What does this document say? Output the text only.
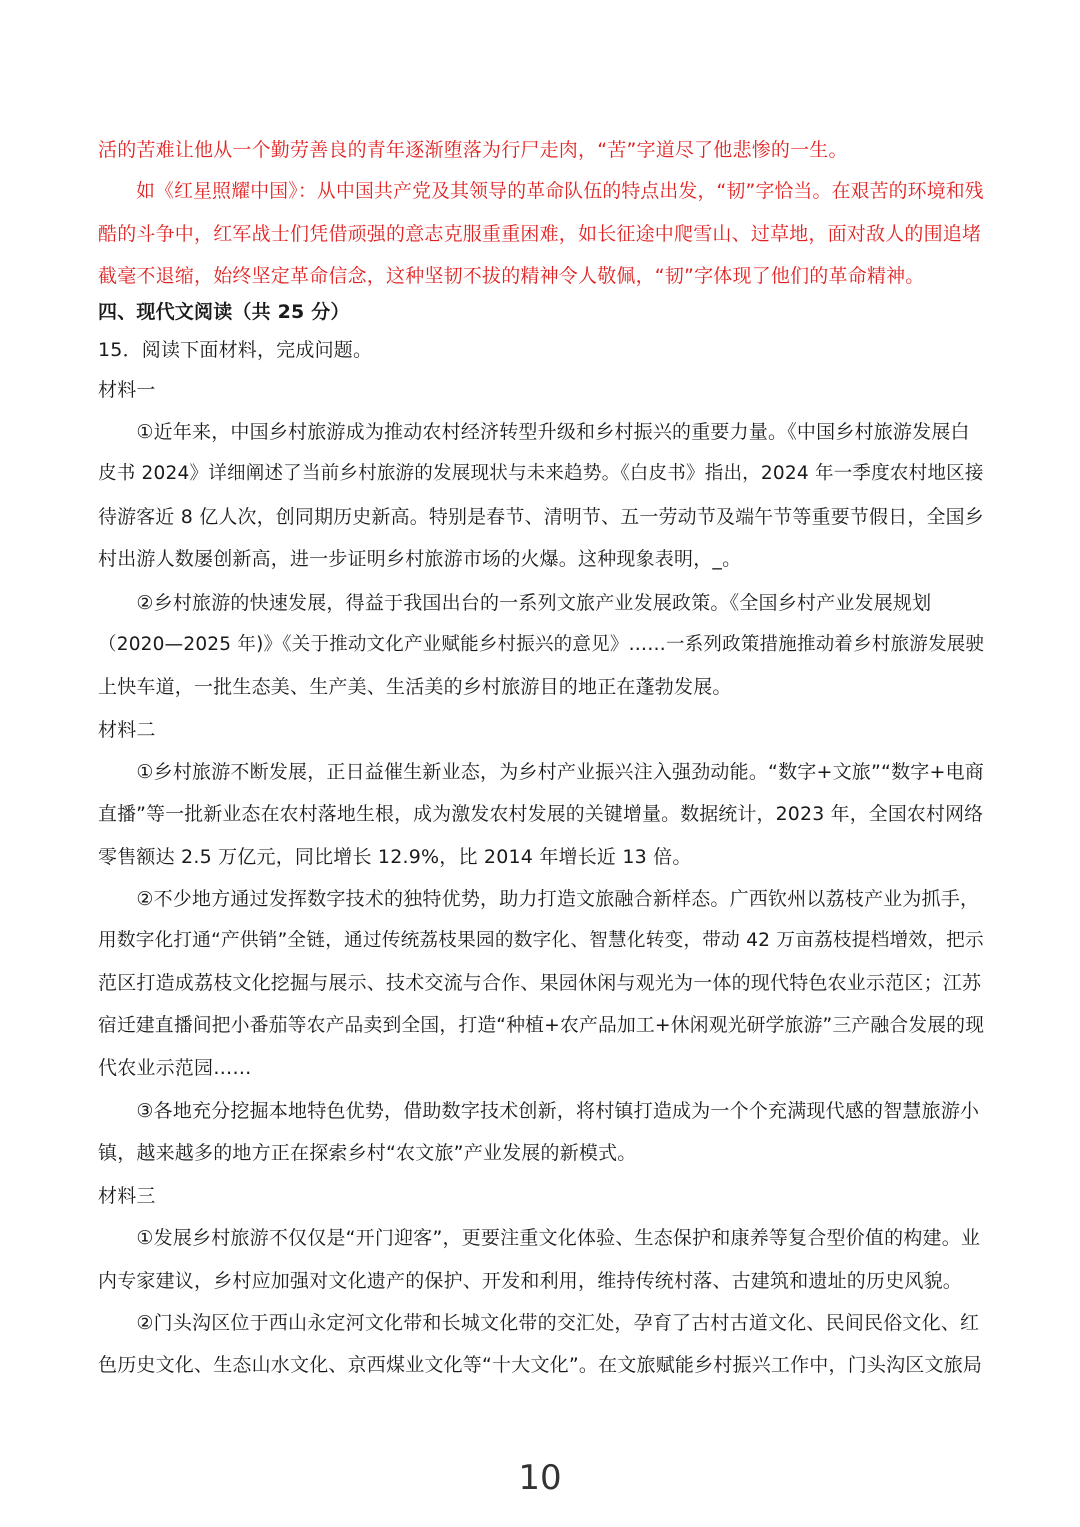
活的苦难让他从一个勤劳善良的青年逐渐堕落为行尸走肉，“苦”字道尽了他悲惨的一生。
　　如《红星照耀中国》：从中国共产党及其领导的革命队伍的特点出发，“韧”字恰当。在艰苦的环境和残
酷的斗争中，红军战士们凭借顽强的意志克服重重困难，如长征途中爬雪山、过草地，面对敌人的围追堵
截毫不退缩，始终坚定革命信念，这种坚韧不拔的精神令人敬佩，“韧”字体现了他们的革命精神。
四、现代文阅读（共 25 分）
15．阅读下面材料，完成问题。
材料一
　　①近年来，中国乡村旅游成为推动农村经济转型升级和乡村振兴的重要力量。《中国乡村旅游发展白
皮书 2024》详细阐述了当前乡村旅游的发展现状与未来趋势。《白皮书》指出，2024 年一季度农村地区接
待游客近 8 亿人次，创同期历史新高。特别是春节、清明节、五一劳动节及端午节等重要节假日，全国乡
村出游人数屡创新高，进一步证明乡村旅游市场的火爆。这种现象表明，_。
　　②乡村旅游的快速发展，得益于我国出台的一系列文旅产业发展政策。《全国乡村产业发展规划
（2020—2025 年)》《关于推动文化产业赋能乡村振兴的意见》……一系列政策措施推动着乡村旅游发展驶
上快车道，一批生态美、生产美、生活美的乡村旅游目的地正在蓬勃发展。
材料二
　　①乡村旅游不断发展，正日益催生新业态，为乡村产业振兴注入强劲动能。“数字+文旅”“数字+电商
直播”等一批新业态在农村落地生根，成为激发农村发展的关键增量。数据统计，2023 年，全国农村网络
零售额达 2.5 万亿元，同比增长 12.9%，比 2014 年增长近 13 倍。
　　②不少地方通过发挥数字技术的独特优势，助力打造文旅融合新样态。广西钦州以荔枝产业为抓手，
用数字化打通“产供销”全链，通过传统荔枝果园的数字化、智慧化转变，带动 42 万亩荔枝提档增效，把示
范区打造成荔枝文化挖掘与展示、技术交流与合作、果园休闲与观光为一体的现代特色农业示范区；江苏
宿迁建直播间把小番茄等农产品卖到全国，打造“种植+农产品加工+休闲观光研学旅游”三产融合发展的现
代农业示范园……
　　③各地充分挖掘本地特色优势，借助数字技术创新，将村镇打造成为一个个充满现代感的智慧旅游小
镇，越来越多的地方正在探索乡村“农文旅”产业发展的新模式。
材料三
　　①发展乡村旅游不仅仅是“开门迎客”，更要注重文化体验、生态保护和康养等复合型价值的构建。业
内专家建议，乡村应加强对文化遗产的保护、开发和利用，维持传统村落、古建筑和遗址的历史风貌。
　　②门头沟区位于西山永定河文化带和长城文化带的交汇处，孕育了古村古道文化、民间民俗文化、红
色历史文化、生态山水文化、京西煤业文化等“十大文化”。在文旅赋能乡村振兴工作中，门头沟区文旅局
10
